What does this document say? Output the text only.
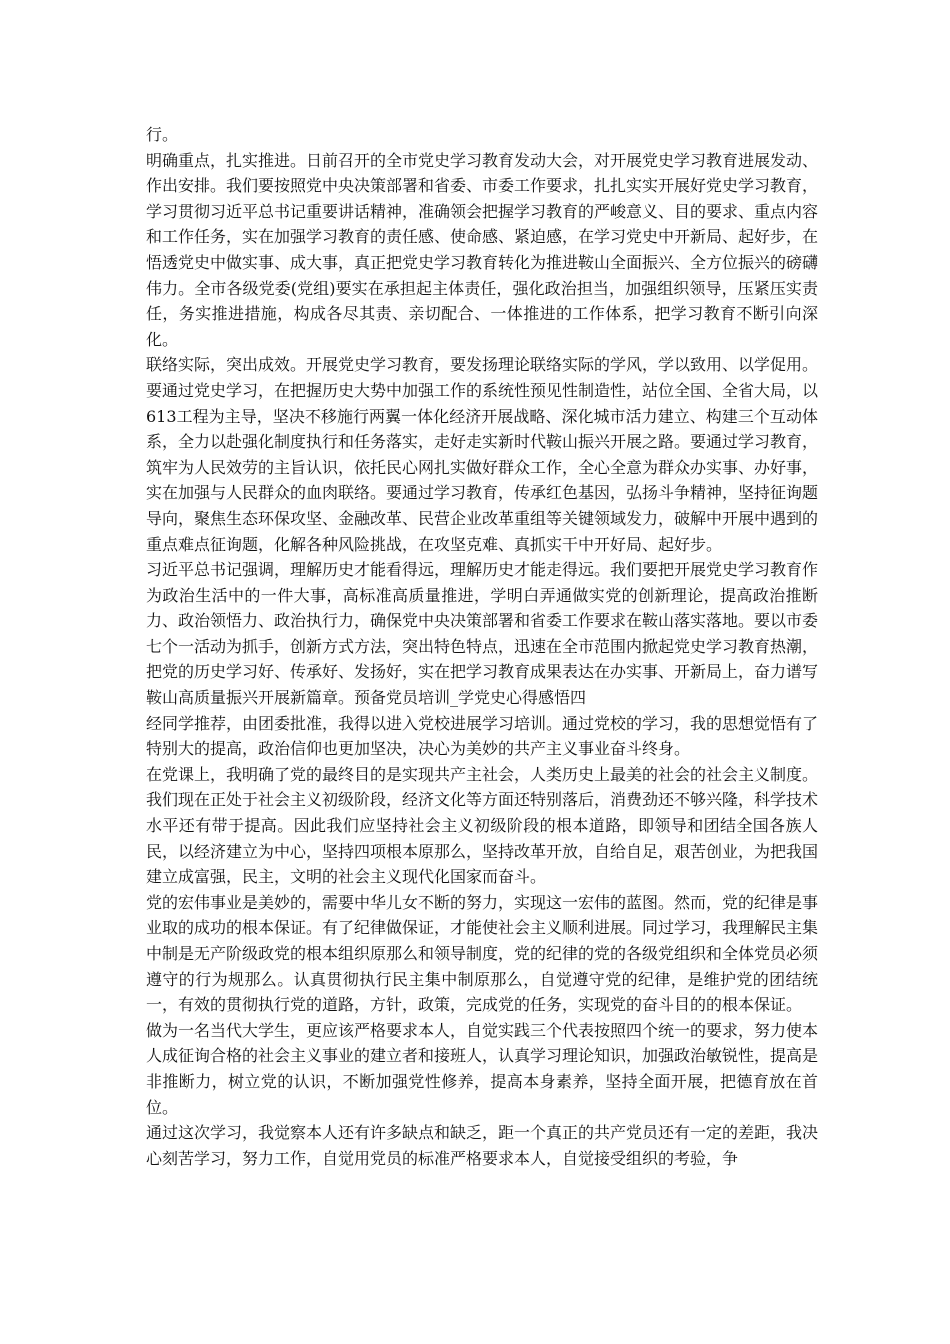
行。

明确重点，扎实推进。日前召开的全市党史学习教育发动大会，对开展党史学习教育进展发动、作出安排。我们要按照党中央决策部署和省委、市委工作要求，扎扎实实开展好党史学习教育，学习贯彻习近平总书记重要讲话精神，准确领会把握学习教育的严峻意义、目的要求、重点内容和工作任务，实在加强学习教育的责任感、使命感、紧迫感，在学习党史中开新局、起好步，在悟透党史中做实事、成大事，真正把党史学习教育转化为推进鞍山全面振兴、全方位振兴的磅礴伟力。全市各级党委(党组)要实在承担起主体责任，强化政治担当，加强组织领导，压紧压实责任，务实推进措施，构成各尽其责、亲切配合、一体推进的工作体系，把学习教育不断引向深化。

联络实际，突出成效。开展党史学习教育，要发扬理论联络实际的学风，学以致用、以学促用。要通过党史学习，在把握历史大势中加强工作的系统性预见性制造性，站位全国、全省大局，以613工程为主导，坚决不移施行两翼一体化经济开展战略、深化城市活力建立、构建三个互动体系，全力以赴强化制度执行和任务落实，走好走实新时代鞍山振兴开展之路。要通过学习教育，筑牢为人民效劳的主旨认识，依托民心网扎实做好群众工作，全心全意为群众办实事、办好事，实在加强与人民群众的血肉联络。要通过学习教育，传承红色基因，弘扬斗争精神，坚持征询题导向，聚焦生态环保攻坚、金融改革、民营企业改革重组等关键领域发力，破解中开展中遇到的重点难点征询题，化解各种风险挑战，在攻坚克难、真抓实干中开好局、起好步。

习近平总书记强调，理解历史才能看得远，理解历史才能走得远。我们要把开展党史学习教育作为政治生活中的一件大事，高标准高质量推进，学明白弄通做实党的创新理论，提高政治推断力、政治领悟力、政治执行力，确保党中央决策部署和省委工作要求在鞍山落实落地。要以市委七个一活动为抓手，创新方式方法，突出特色特点，迅速在全市范围内掀起党史学习教育热潮，把党的历史学习好、传承好、发扬好，实在把学习教育成果表达在办实事、开新局上，奋力谱写鞍山高质量振兴开展新篇章。预备党员培训_学党史心得感悟四

经同学推荐，由团委批准，我得以进入党校进展学习培训。通过党校的学习，我的思想觉悟有了特别大的提高，政治信仰也更加坚决，决心为美妙的共产主义事业奋斗终身。

在党课上，我明确了党的最终目的是实现共产主社会，人类历史上最美的社会的社会主义制度。我们现在正处于社会主义初级阶段，经济文化等方面还特别落后，消费劲还不够兴隆，科学技术水平还有带于提高。因此我们应坚持社会主义初级阶段的根本道路，即领导和团结全国各族人民，以经济建立为中心，坚持四项根本原那么，坚持改革开放，自给自足，艰苦创业，为把我国建立成富强，民主，文明的社会主义现代化国家而奋斗。

党的宏伟事业是美妙的，需要中华儿女不断的努力，实现这一宏伟的蓝图。然而，党的纪律是事业取的成功的根本保证。有了纪律做保证，才能使社会主义顺利进展。同过学习，我理解民主集中制是无产阶级政党的根本组织原那么和领导制度，党的纪律的党的各级党组织和全体党员必须遵守的行为规那么。认真贯彻执行民主集中制原那么，自觉遵守党的纪律，是维护党的团结统一，有效的贯彻执行党的道路，方针，政策，完成党的任务，实现党的奋斗目的的根本保证。

做为一名当代大学生，更应该严格要求本人，自觉实践三个代表按照四个统一的要求，努力使本人成征询合格的社会主义事业的建立者和接班人，认真学习理论知识，加强政治敏锐性，提高是非推断力，树立党的认识，不断加强党性修养，提高本身素养，坚持全面开展，把德育放在首位。

通过这次学习，我觉察本人还有许多缺点和缺乏，距一个真正的共产党员还有一定的差距，我决心刻苦学习，努力工作，自觉用党员的标准严格要求本人，自觉接受组织的考验，争
